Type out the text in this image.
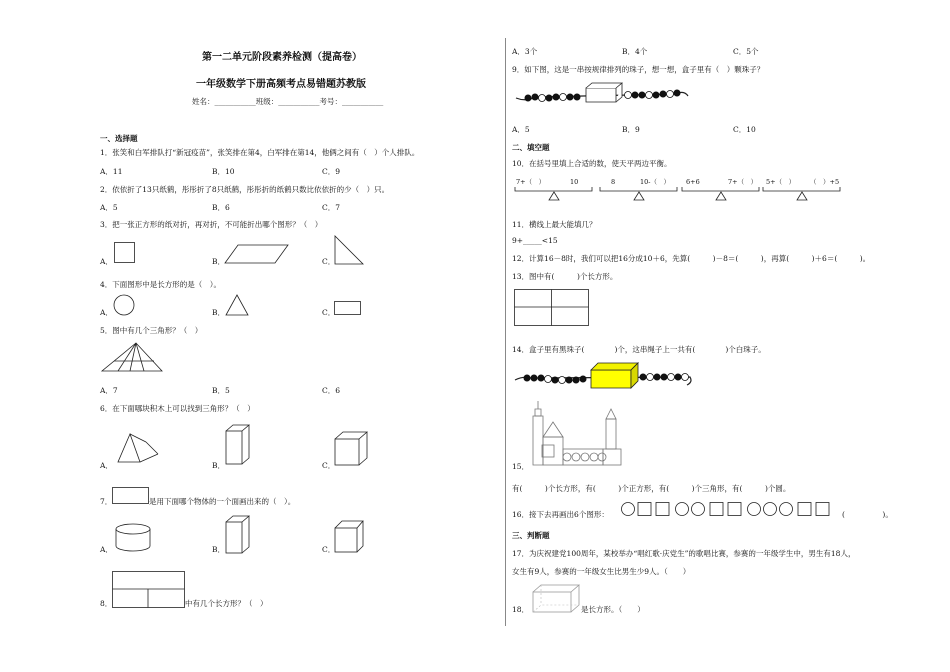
第一二单元阶段素养检测（提高卷）
一年级数学下册高频考点易错题苏教版
姓名：___________班级：___________考号：___________
一、选择题
1．张笑和白军排队打“新冠疫苗”，张笑排在第4，白军排在第14，他俩之间有（　）个人排队。
A．11	B．10	C．9
2．依依折了13只纸鹤，彤彤折了8只纸鹤，彤彤折的纸鹤只数比依依折的少（　）只。
A．5	B．6	C．7
3．把一张正方形的纸对折，再对折，不可能折出哪个图形？（　）
A．	B．	C．
4．下面图形中是长方形的是（　）。
A．	B．	C．
5．图中有几个三角形？（　）
A．7	B．5	C．6
6．在下面哪块积木上可以找到三角形？（　）
A．	B．	C．
7．	是用下面哪个物体的一个面画出来的（　）。
A．	B．	C．
8．	中有几个长方形？（　）
A．3个	B．4个	C．5个
9．如下图，这是一串按规律排列的珠子，想一想，盒子里有（　）颗珠子？
A．5	B．9	C．10
二、填空题
10．在括号里填上合适的数，使天平两边平衡。
7+（　）	10	8	10-（　） 6+6	7+（　） 5+（　） （　）+5
11．横线上最大能填几？
9+_____<15
12．计算16－8时，我们可以把16分成10＋6，先算(　　　)－8＝(　　　)，再算(　　　)＋6＝(　　　)。
13．图中有(　　　)个长方形。
14．盒子里有黑珠子(　　　　)个，这串绳子上一共有(　　　　)个白珠子。
15．
有(　　　)个长方形，有(　　　)个正方形，有(　　　)个三角形，有(　　　)个圆。
16．接下去再画出6个图形：	(　　　　　)。
三、判断题
17．为庆祝建党100周年，某校举办“唱红歌·庆党生”的歌唱比赛，参赛的一年级学生中，男生有18人，
女生有9人，参赛的一年级女生比男生少9人。（　　）
18．	是长方形。（　　）
